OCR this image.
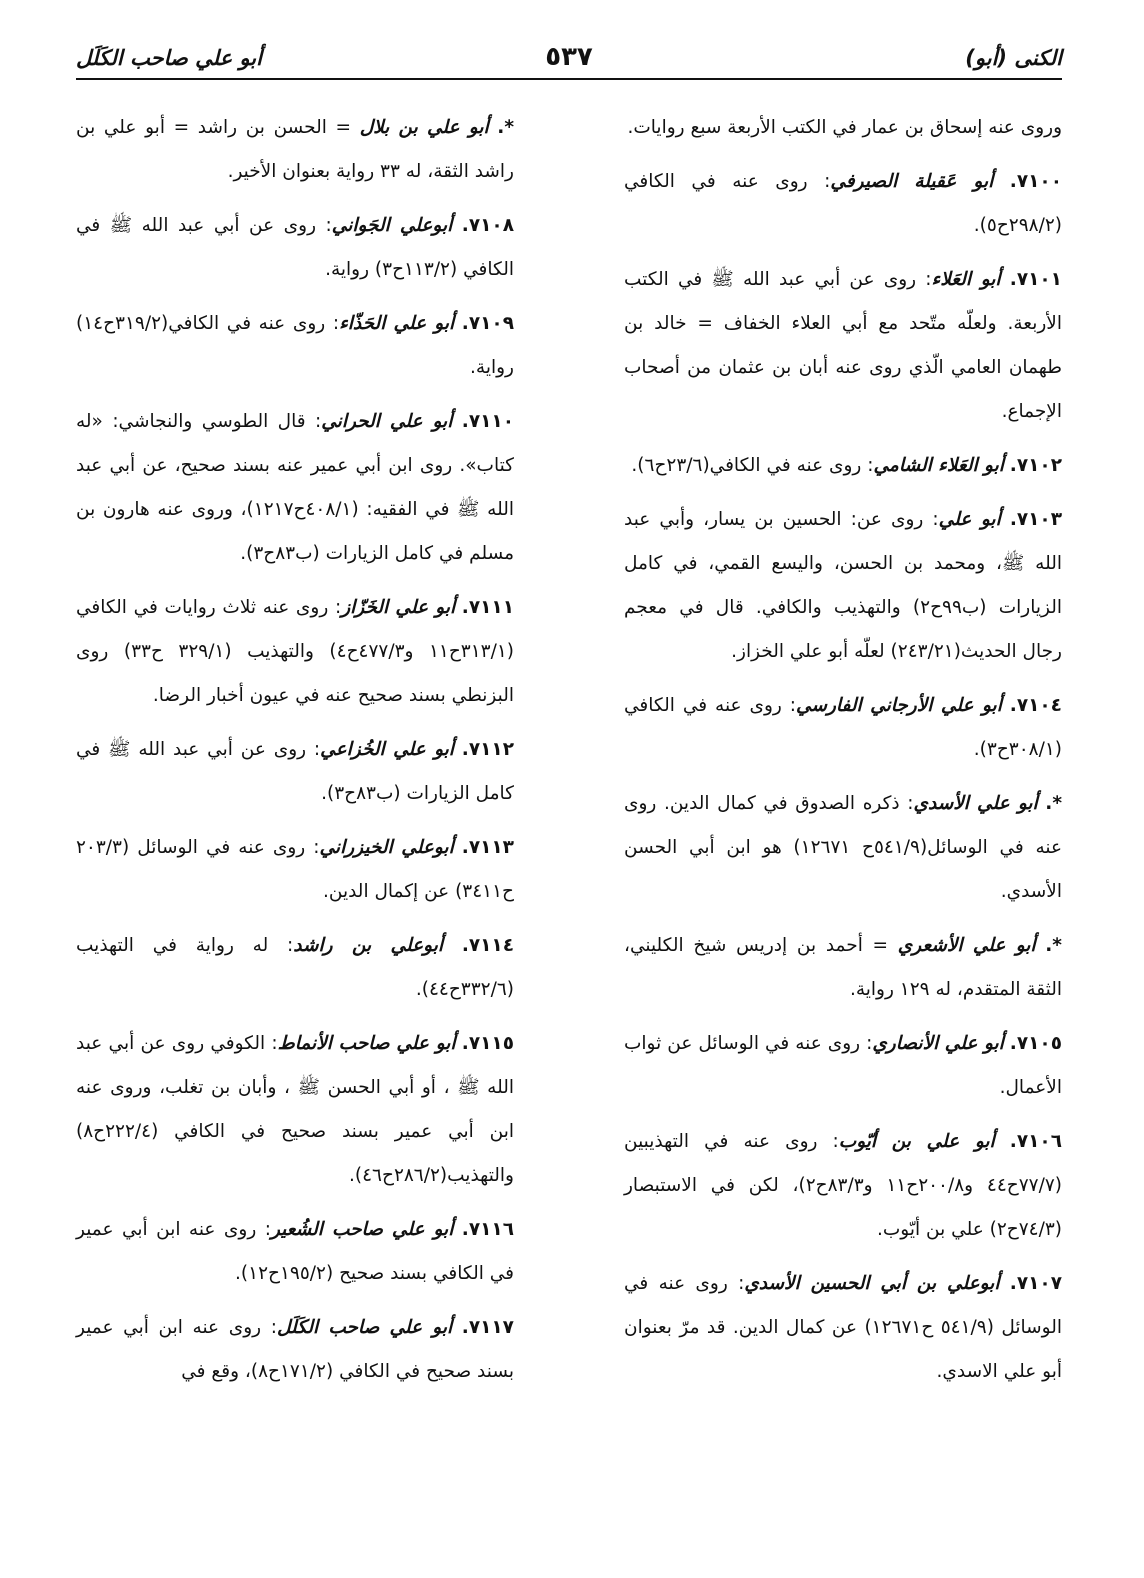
الكنى (أبو)
٥٣٧
أبو علي صاحب الكَلَل

وروى عنه إسحاق بن عمار في الكتب الأربعة سبع روايات.

٧١٠٠. أبو عَقيلة الصيرفي: روى عنه في الكافي (٢٩٨/٢ح٥).

٧١٠١. أبو العَلاء: روى عن أبي عبد الله ﷺ في الكتب الأربعة. ولعلّه متّحد مع أبي العلاء الخفاف = خالد بن طهمان العامي الّذي روى عنه أبان بن عثمان من أصحاب الإجماع.

٧١٠٢. أبو العَلاء الشامي: روى عنه في الكافي(٢٣/٦ح٦).

٧١٠٣. أبو علي: روى عن: الحسين بن يسار، وأبي عبد الله ﷺ، ومحمد بن الحسن، واليسع القمي، في كامل الزيارات (ب٩٩ح٢) والتهذيب والكافي. قال في معجم رجال الحديث(٢٤٣/٢١) لعلّه أبو علي الخزاز.

٧١٠٤. أبو علي الأرجاني الفارسي: روى عنه في الكافي (٣٠٨/١ح٣).

*. أبو علي الأسدي: ذكره الصدوق في كمال الدين. روى عنه في الوسائل(٥٤١/٩ح ١٢٦٧١) هو ابن أبي الحسن الأسدي.

*. أبو علي الأشعري = أحمد بن إدريس شيخ الكليني، الثقة المتقدم، له ١٢٩ رواية.

٧١٠٥. أبو علي الأنصاري: روى عنه في الوسائل عن ثواب الأعمال.

٧١٠٦. أبو علي بن أيّوب: روى عنه في التهذيبين (٧٧/٧ح٤٤ و٢٠٠/٨ح١١ و٨٣/٣ح٢)، لكن في الاستبصار (٧٤/٣ح٢) علي بن أيّوب.

٧١٠٧. أبوعلي بن أبي الحسين الأسدي: روى عنه في الوسائل (٥٤١/٩ ح١٢٦٧١) عن كمال الدين. قد مرّ بعنوان أبو علي الاسدي.

*. أبو علي بن بلال = الحسن بن راشد = أبو علي بن راشد الثقة، له ٣٣ رواية بعنوان الأخير.

٧١٠٨. أبوعلي الجَواني: روى عن أبي عبد الله ﷺ في الكافي (١١٣/٢ح٣) رواية.

٧١٠٩. أبو علي الحَذّاء: روى عنه في الكافي(٣١٩/٢ح١٤) رواية.

٧١١٠. أبو علي الحراني: قال الطوسي والنجاشي: «له كتاب». روى ابن أبي عمير عنه بسند صحيح، عن أبي عبد الله ﷺ في الفقيه: (٤٠٨/١ح١٢١٧)، وروى عنه هارون بن مسلم في كامل الزيارات (ب٨٣ح٣).

٧١١١. أبو علي الخَزّاز: روى عنه ثلاث روايات في الكافي (٣١٣/١ح١١ و٤٧٧/٣ح٤) والتهذيب (٣٢٩/١ ح٣٣) روى البزنطي بسند صحيح عنه في عيون أخبار الرضا.

٧١١٢. أبو علي الخُزاعي: روى عن أبي عبد الله ﷺ في كامل الزيارات (ب٨٣ح٣).

٧١١٣. أبوعلي الخيزراني: روى عنه في الوسائل (٢٠٣/٣ ح٣٤١١) عن إكمال الدين.

٧١١٤. أبوعلي بن راشد: له رواية في التهذيب (٣٣٢/٦ح٤٤).

٧١١٥. أبو علي صاحب الأنماط: الكوفي روى عن أبي عبد الله ﷺ ، أو أبي الحسن ﷺ ، وأبان بن تغلب، وروى عنه ابن أبي عمير بسند صحيح في الكافي (٢٢٢/٤ح٨) والتهذيب(٢٨٦/٢ح٤٦).

٧١١٦. أبو علي صاحب الشُعير: روى عنه ابن أبي عمير في الكافي بسند صحيح (١٩٥/٢ح١٢).

٧١١٧. أبو علي صاحب الكَلَل: روى عنه ابن أبي عمير بسند صحيح في الكافي (١٧١/٢ح٨)، وقع في
